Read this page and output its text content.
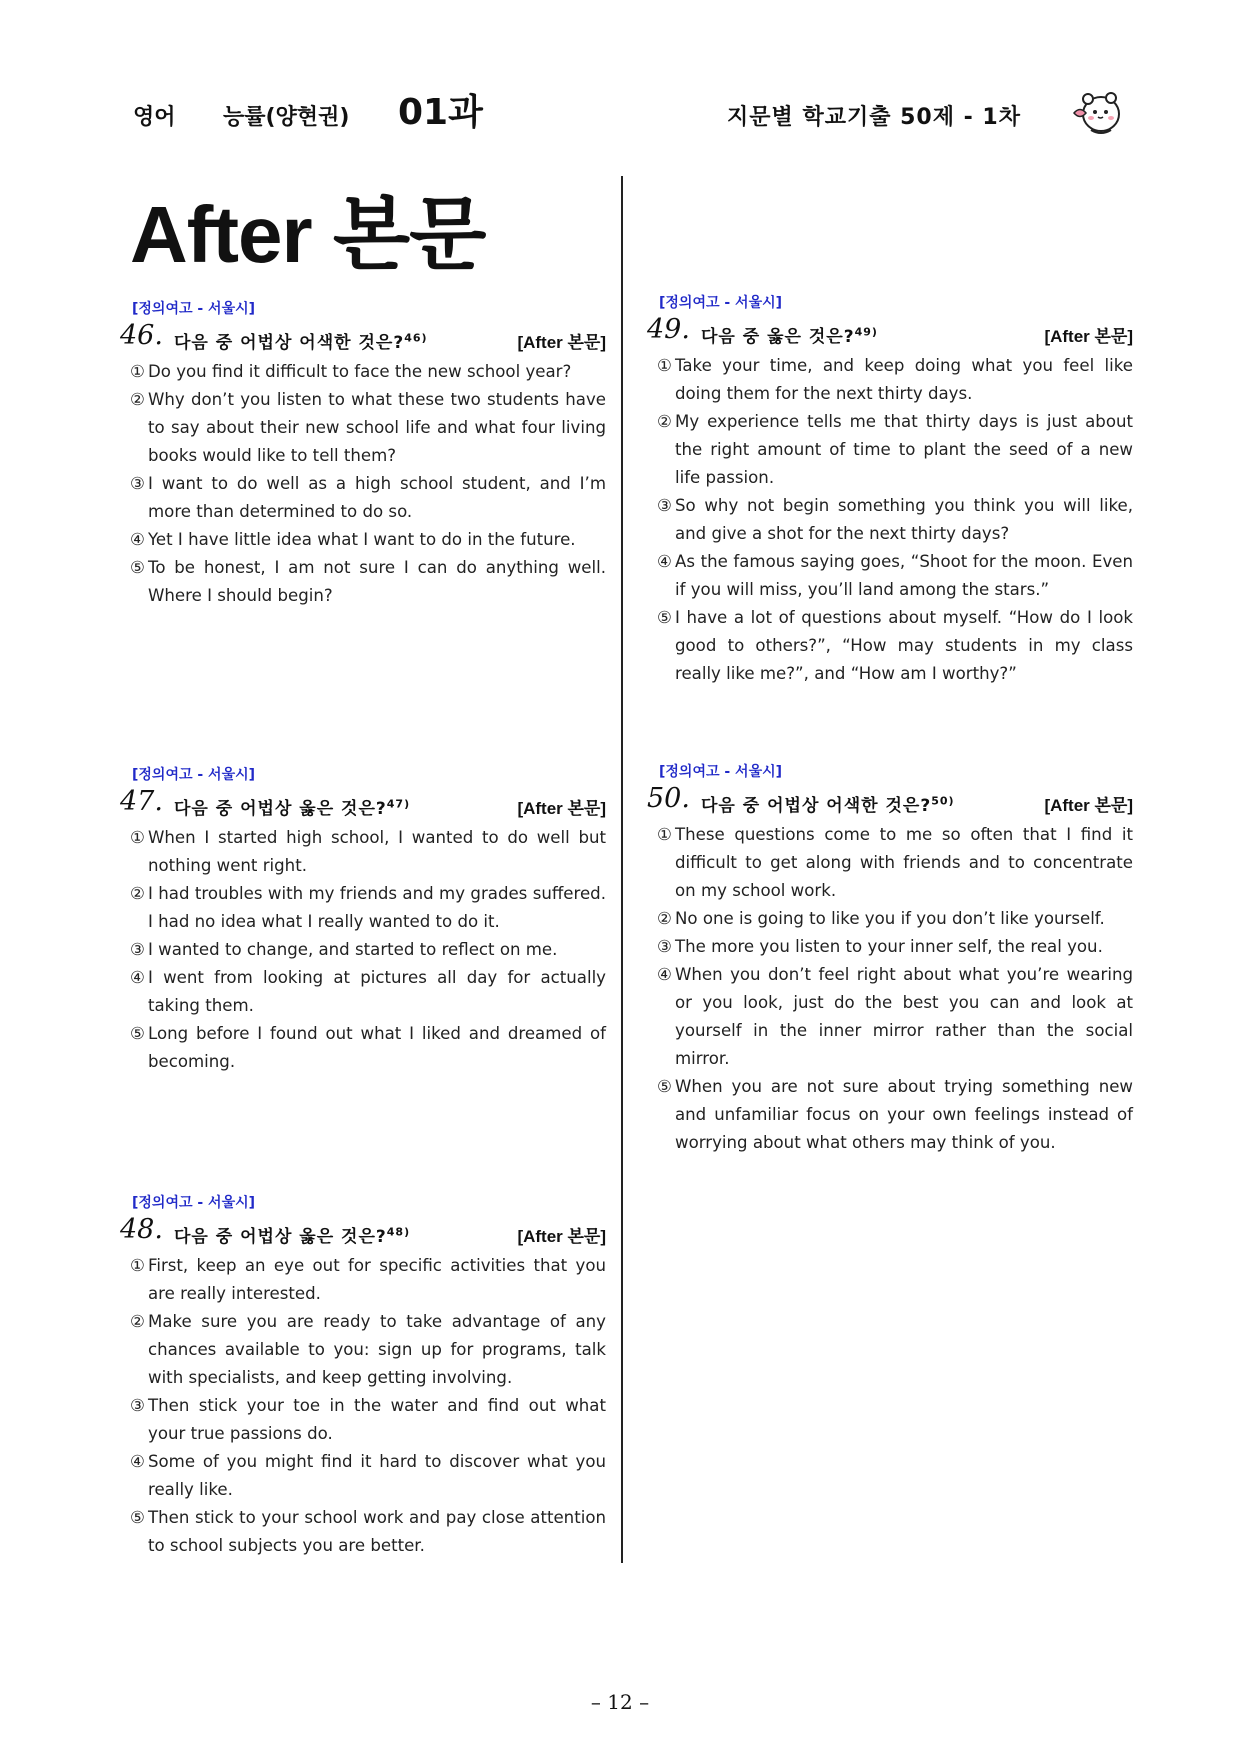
영어 능률(양현권) 01과	지문별 학교기출 50제 - 1차
After 본문
[정의여고 - 서울시]
46. 다음 중 어법상 어색한 것은?$^{46)}$	[After 본문]
① Do you find it difficult to face the new school year?
② Why don’t you listen to what these two students have to say about their new school life and what four living books would like to tell them?
③ I want to do well as a high school student, and I’m more than determined to do so.
④ Yet I have little idea what I want to do in the future.
⑤ To be honest, I am not sure I can do anything well. Where I should begin?
[정의여고 - 서울시]
47. 다음 중 어법상 옳은 것은?$^{47)}$	[After 본문]
① When I started high school, I wanted to do well but nothing went right.
② I had troubles with my friends and my grades suffered. I had no idea what I really wanted to do it.
③ I wanted to change, and started to reflect on me.
④ I went from looking at pictures all day for actually taking them.
⑤ Long before I found out what I liked and dreamed of becoming.
[정의여고 - 서울시]
48. 다음 중 어법상 옳은 것은?$^{48)}$	[After 본문]
① First, keep an eye out for specific activities that you are really interested.
② Make sure you are ready to take advantage of any chances available to you: sign up for programs, talk with specialists, and keep getting involving.
③ Then stick your toe in the water and find out what your true passions do.
④ Some of you might find it hard to discover what you really like.
⑤ Then stick to your school work and pay close attention to school subjects you are better.
[정의여고 - 서울시]
49. 다음 중 옳은 것은?$^{49)}$	[After 본문]
① Take your time, and keep doing what you feel like doing them for the next thirty days.
② My experience tells me that thirty days is just about the right amount of time to plant the seed of a new life passion.
③ So why not begin something you think you will like, and give a shot for the next thirty days?
④ As the famous saying goes, “Shoot for the moon. Even if you will miss, you’ll land among the stars.”
⑤ I have a lot of questions about myself. “How do I look good to others?”, “How may students in my class really like me?”, and “How am I worthy?”
[정의여고 - 서울시]
50. 다음 중 어법상 어색한 것은?$^{50)}$	[After 본문]
① These questions come to me so often that I find it difficult to get along with friends and to concentrate on my school work.
② No one is going to like you if you don’t like yourself.
③ The more you listen to your inner self, the real you.
④ When you don’t feel right about what you’re wearing or you look, just do the best you can and look at yourself in the inner mirror rather than the social mirror.
⑤ When you are not sure about trying something new and unfamiliar focus on your own feelings instead of worrying about what others may think of you.
– 12 –
